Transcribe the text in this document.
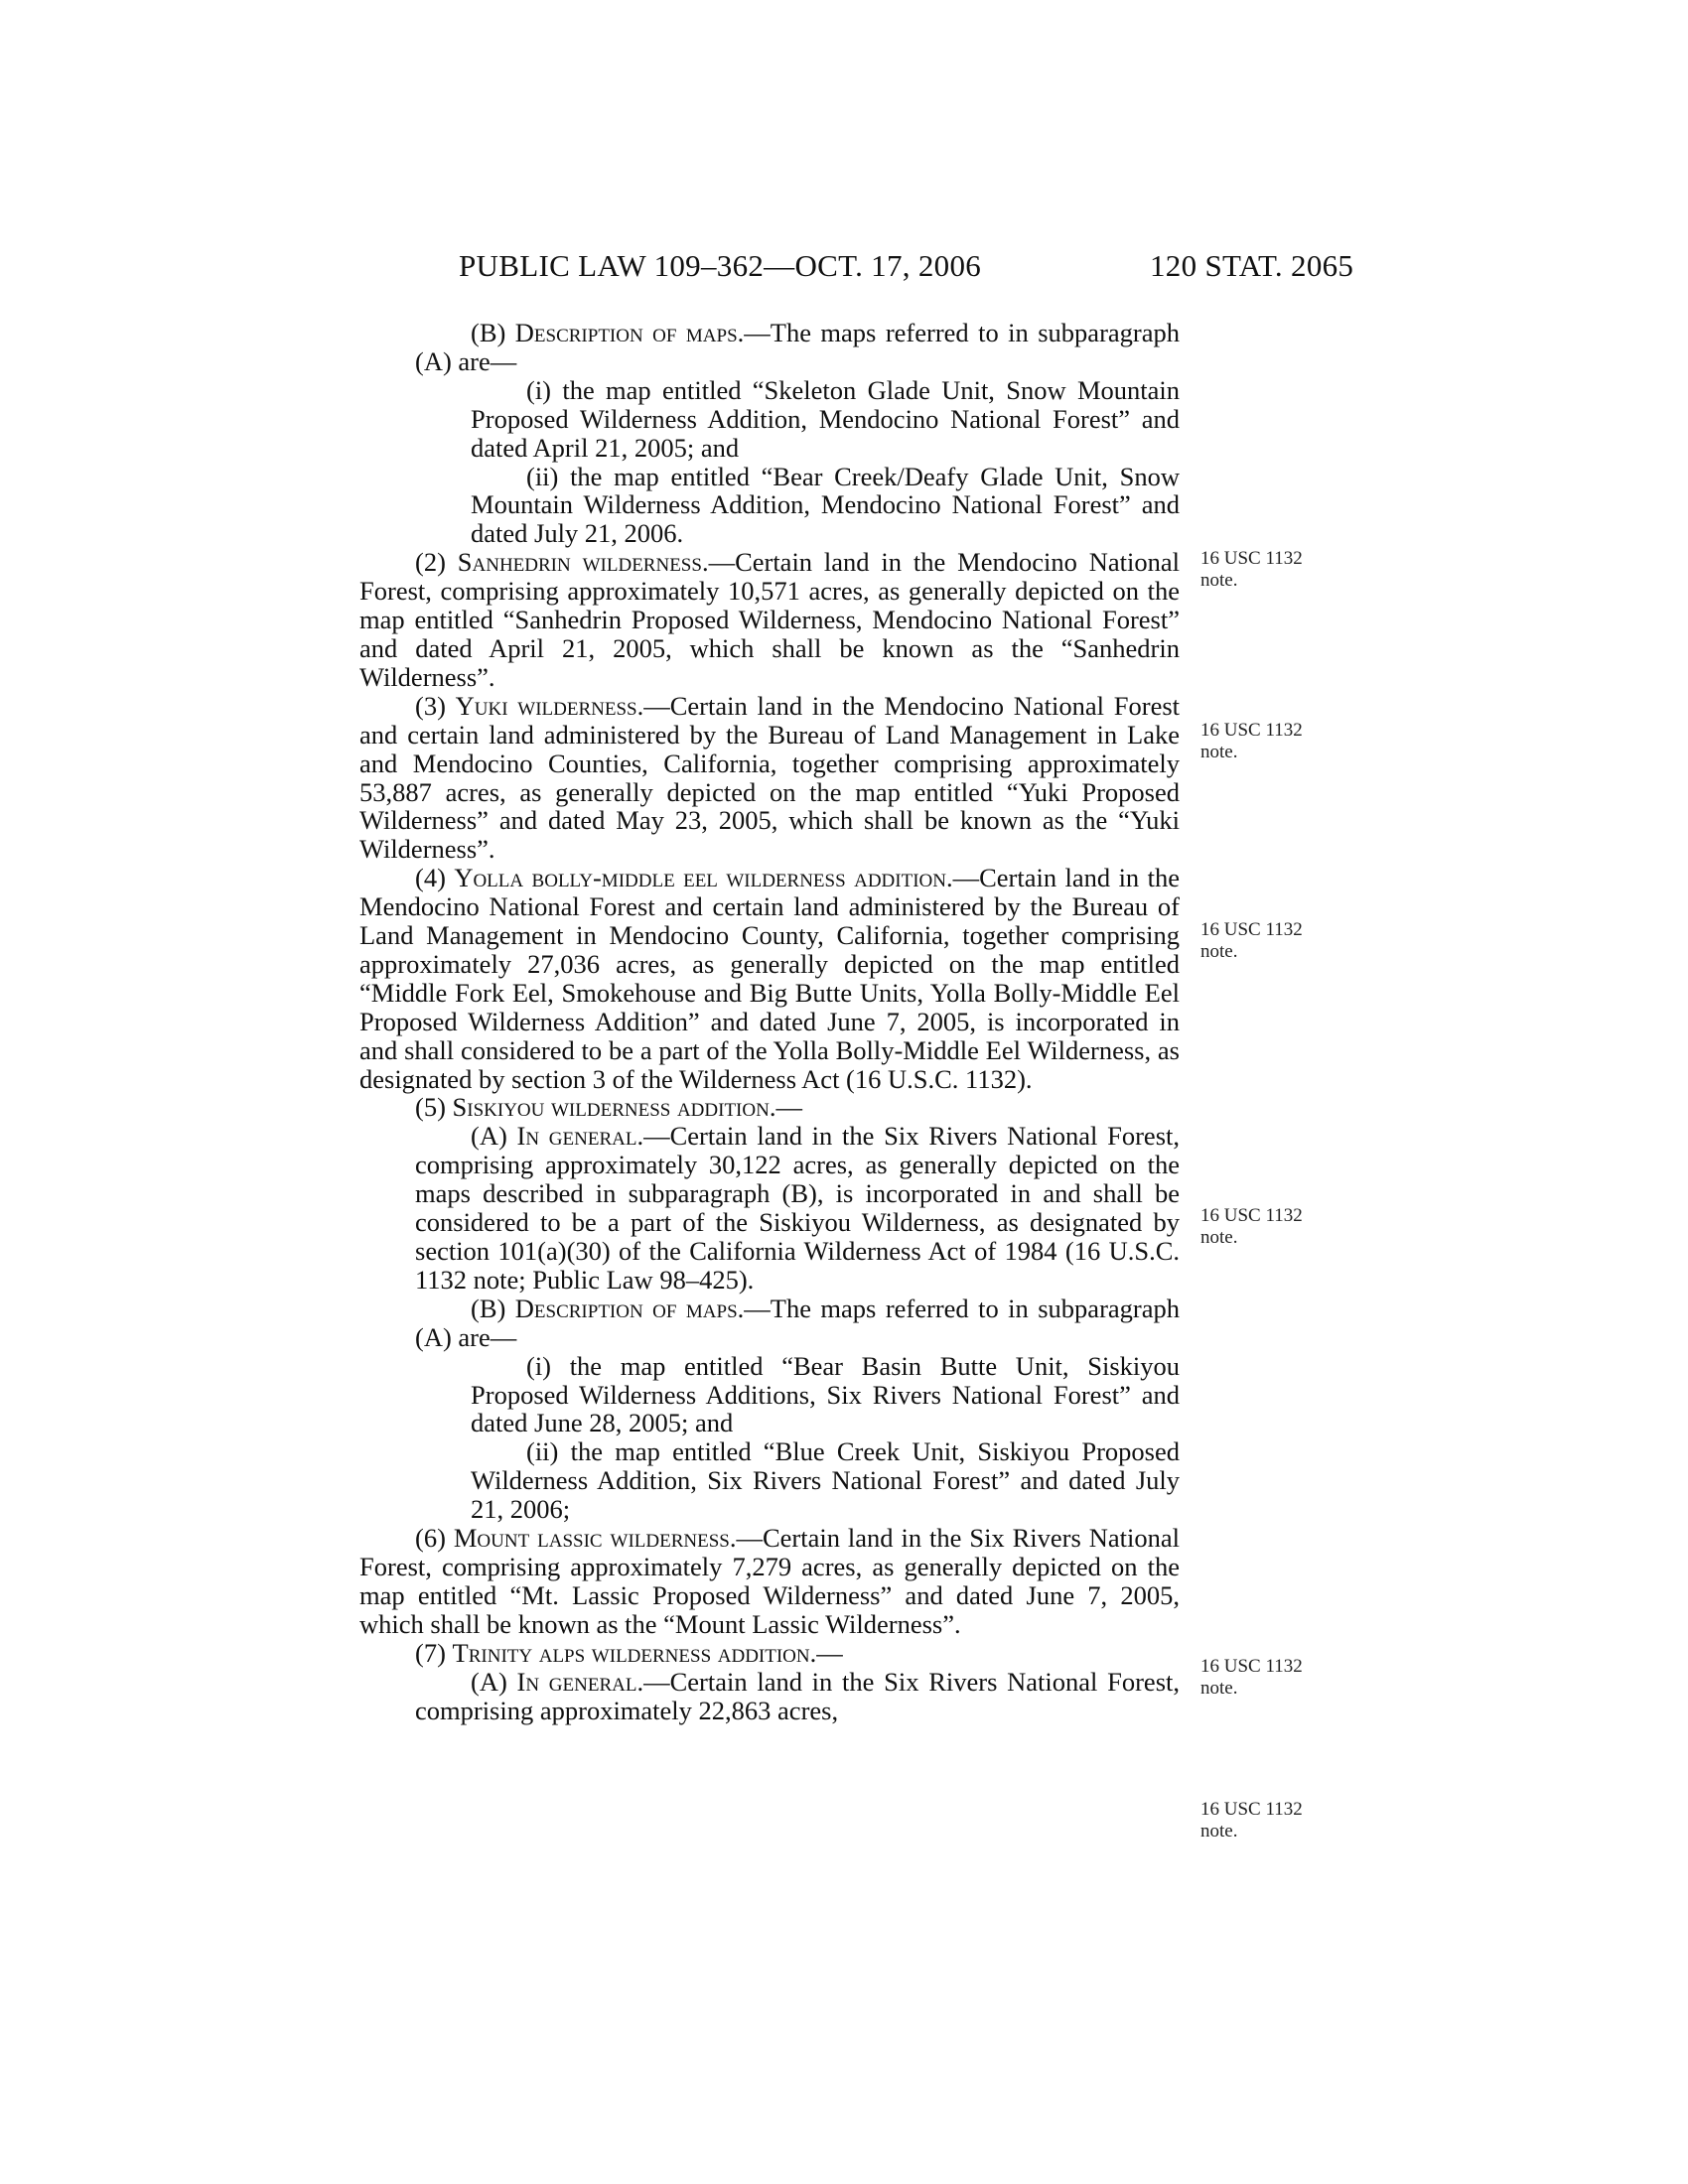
PUBLIC LAW 109–362—OCT. 17, 2006	120 STAT. 2065

(B) Description of maps.—The maps referred to in subparagraph (A) are—

(i) the map entitled “Skeleton Glade Unit, Snow Mountain Proposed Wilderness Addition, Mendocino National Forest” and dated April 21, 2005; and

(ii) the map entitled “Bear Creek/Deafy Glade Unit, Snow Mountain Wilderness Addition, Mendocino National Forest” and dated July 21, 2006.

(2) Sanhedrin wilderness.—Certain land in the Mendocino National Forest, comprising approximately 10,571 acres, as generally depicted on the map entitled “Sanhedrin Proposed Wilderness, Mendocino National Forest” and dated April 21, 2005, which shall be known as the “Sanhedrin Wilderness”.

(3) Yuki wilderness.—Certain land in the Mendocino National Forest and certain land administered by the Bureau of Land Management in Lake and Mendocino Counties, California, together comprising approximately 53,887 acres, as generally depicted on the map entitled “Yuki Proposed Wilderness” and dated May 23, 2005, which shall be known as the “Yuki Wilderness”.

(4) Yolla bolly-middle eel wilderness addition.—Certain land in the Mendocino National Forest and certain land administered by the Bureau of Land Management in Mendocino County, California, together comprising approximately 27,036 acres, as generally depicted on the map entitled “Middle Fork Eel, Smokehouse and Big Butte Units, Yolla Bolly-Middle Eel Proposed Wilderness Addition” and dated June 7, 2005, is incorporated in and shall considered to be a part of the Yolla Bolly-Middle Eel Wilderness, as designated by section 3 of the Wilderness Act (16 U.S.C. 1132).

(5) Siskiyou wilderness addition.—

(A) In general.—Certain land in the Six Rivers National Forest, comprising approximately 30,122 acres, as generally depicted on the maps described in subparagraph (B), is incorporated in and shall be considered to be a part of the Siskiyou Wilderness, as designated by section 101(a)(30) of the California Wilderness Act of 1984 (16 U.S.C. 1132 note; Public Law 98–425).

(B) Description of maps.—The maps referred to in subparagraph (A) are—

(i) the map entitled “Bear Basin Butte Unit, Siskiyou Proposed Wilderness Additions, Six Rivers National Forest” and dated June 28, 2005; and

(ii) the map entitled “Blue Creek Unit, Siskiyou Proposed Wilderness Addition, Six Rivers National Forest” and dated July 21, 2006;

(6) Mount lassic wilderness.—Certain land in the Six Rivers National Forest, comprising approximately 7,279 acres, as generally depicted on the map entitled “Mt. Lassic Proposed Wilderness” and dated June 7, 2005, which shall be known as the “Mount Lassic Wilderness”.

(7) Trinity alps wilderness addition.—

(A) In general.—Certain land in the Six Rivers National Forest, comprising approximately 22,863 acres,

16 USC 1132
note.
16 USC 1132
note.
16 USC 1132
note.
16 USC 1132
note.
16 USC 1132
note.
16 USC 1132
note.
